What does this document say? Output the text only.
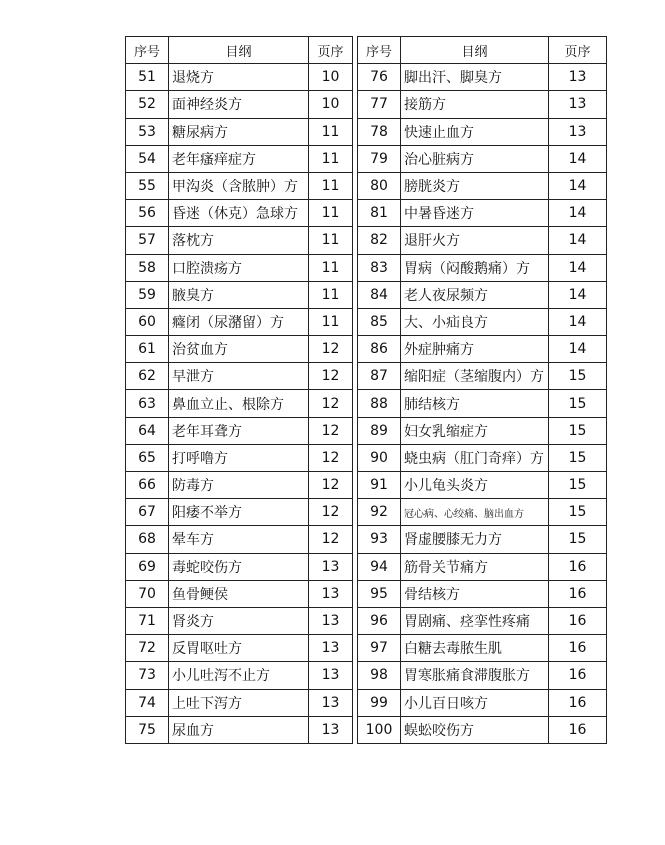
序号	目纲	页序
51	退烧方	10
52	面神经炎方	10
53	糖尿病方	11
54	老年瘙痒症方	11
55	甲沟炎（含脓肿）方	11
56	昏迷（休克）急球方	11
57	落枕方	11
58	口腔溃疡方	11
59	腋臭方	11
60	癃闭（尿潴留）方	11
61	治贫血方	12
62	早泄方	12
63	鼻血立止、根除方	12
64	老年耳聋方	12
65	打呼噜方	12
66	防毒方	12
67	阳痿不举方	12
68	晕车方	12
69	毒蛇咬伤方	13
70	鱼骨鲠侯	13
71	肾炎方	13
72	反胃呕吐方	13
73	小儿吐泻不止方	13
74	上吐下泻方	13
75	尿血方	13
序号	目纲	页序
76	脚出汗、脚臭方	13
77	接筋方	13
78	快速止血方	13
79	治心脏病方	14
80	膀胱炎方	14
81	中暑昏迷方	14
82	退肝火方	14
83	胃病（闷酸鹅痛）方	14
84	老人夜尿频方	14
85	大、小疝良方	14
86	外症肿痛方	14
87	缩阳症（茎缩腹内）方	15
88	肺结核方	15
89	妇女乳缩症方	15
90	蛲虫病（肛门奇痒）方	15
91	小儿龟头炎方	15
92	冠心病、心绞痛、脑出血方	15
93	肾虚腰膝无力方	15
94	筋骨关节痛方	16
95	骨结核方	16
96	胃剧痛、痉挛性疼痛	16
97	白糖去毒脓生肌	16
98	胃寒胀痛食滞腹胀方	16
99	小儿百日咳方	16
100	蜈蚣咬伤方	16
